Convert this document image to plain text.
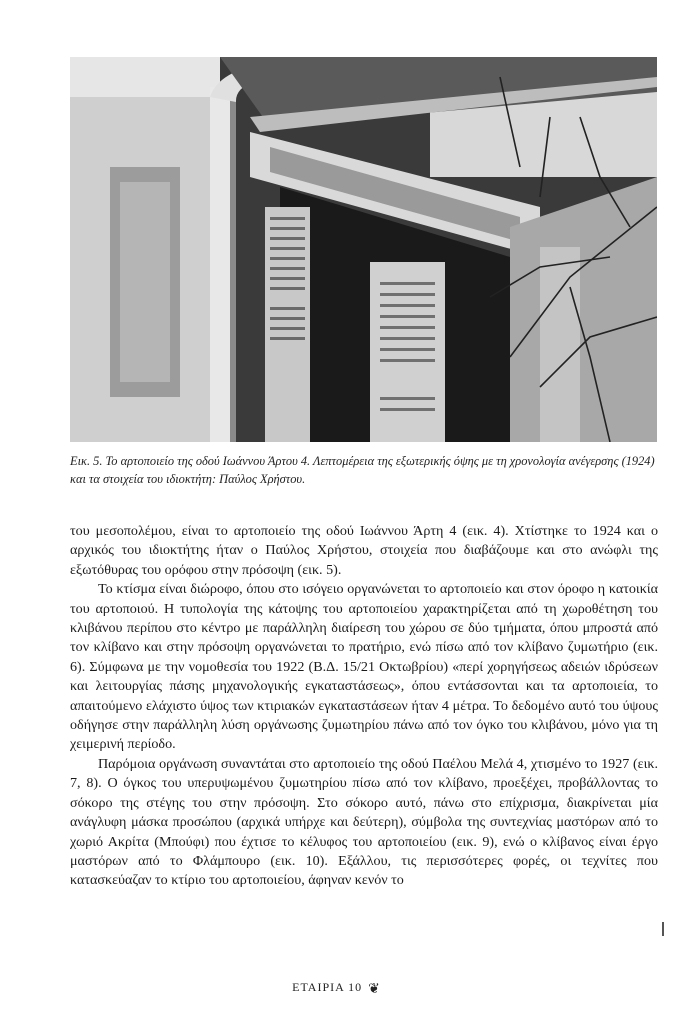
Εικ. 5. Το αρτοποιείο της οδού Ιωάννου Άρτου 4. Λεπτομέρεια της εξωτερικής όψης με τη χρονολογία ανέγερσης (1924) και τα στοιχεία του ιδιοκτήτη: Παύλος Χρήστου.

του μεσοπολέμου, είναι το αρτοποιείο της οδού Ιωάννου Άρτη 4 (εικ. 4). Χτίστηκε το 1924 και ο αρχικός του ιδιοκτήτης ήταν ο Παύλος Χρήστου, στοιχεία που διαβάζουμε και στο ανώφλι της εξωτόθυρας του ορόφου στην πρόσοψη (εικ. 5).

Το κτίσμα είναι διώροφο, όπου στο ισόγειο οργανώνεται το αρτοποιείο και στον όροφο η κατοικία του αρτοποιού. Η τυπολογία της κάτοψης του αρτοποιείου χαρακτηρίζεται από τη χωροθέτηση του κλιβάνου περίπου στο κέντρο με παράλληλη διαίρεση του χώρου σε δύο τμήματα, όπου μπροστά από τον κλίβανο και στην πρόσοψη οργανώνεται το πρατήριο, ενώ πίσω από τον κλίβανο ζυμωτήριο (εικ. 6). Σύμφωνα με την νομοθεσία του 1922 (Β.Δ. 15/21 Οκτωβρίου) «περί χορηγήσεως αδειών ιδρύσεων και λειτουργίας πάσης μηχανολογικής εγκαταστάσεως», όπου εντάσσονται και τα αρτοποιεία, το απαιτούμενο ελάχιστο ύψος των κτιριακών εγκαταστάσεων ήταν 4 μέτρα. Το δεδομένο αυτό του ύψους οδήγησε στην παράλληλη λύση οργάνωσης ζυμωτηρίου πάνω από τον όγκο του κλιβάνου, μόνο για τη χειμερινή περίοδο.

Παρόμοια οργάνωση συναντάται στο αρτοποιείο της οδού Παέλου Μελά 4, χτισμένο το 1927 (εικ. 7, 8). Ο όγκος του υπερυψωμένου ζυμωτηρίου πίσω από τον κλίβανο, προεξέχει, προβάλλοντας το σόκορο της στέγης του στην πρόσοψη. Στο σόκορο αυτό, πάνω στο επίχρισμα, διακρίνεται μία ανάγλυφη μάσκα προσώπου (αρχικά υπήρχε και δεύτερη), σύμβολα της συντεχνίας μαστόρων από το χωριό Ακρίτα (Μπούφι) που έχτισε το κέλυφος του αρτοποιείου (εικ. 9), ενώ ο κλίβανος είναι έργο μαστόρων από το Φλάμπουρο (εικ. 10). Εξάλλου, τις περισσότερες φορές, οι τεχνίτες που κατασκεύαζαν το κτίριο του αρτοποιείου, άφηναν κενόν το

ΕΤΑΙΡΙΑ 10 ❦
